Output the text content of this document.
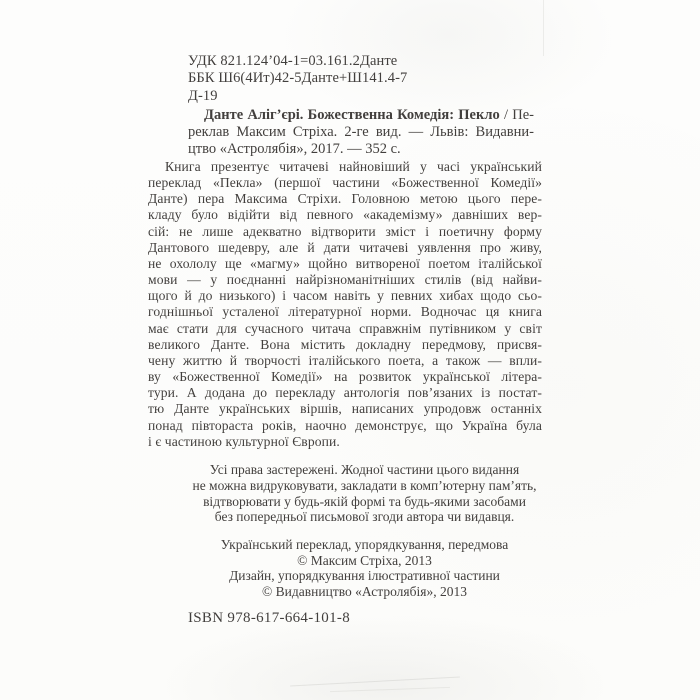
УДК 821.124’04-1=03.161.2Данте
ББК Ш6(4Ит)42-5Данте+Ш141.4-7
Д-19
Данте Аліг’єрі. Божественна Комедія: Пекло / Пе-
реклав Максим Стріха. 2-ге вид. — Львів: Видавни-
цтво «Астролябія», 2017. — 352 с.
Книга презентує читачеві найновіший у часі український
переклад «Пекла» (першої частини «Божественної Комедії»
Данте) пера Максима Стріхи. Головною метою цього пере-
кладу було відійти від певного «академізму» давніших вер-
сій: не лише адекватно відтворити зміст і поетичну форму
Дантового шедевру, але й дати читачеві уявлення про живу,
не охололу ще «магму» щойно витвореної поетом італійської
мови — у поєднанні найрізноманітніших стилів (від найви-
щого й до низького) і часом навіть у певних хибах щодо сьо-
годнішньої усталеної літературної норми. Водночас ця книга
має стати для сучасного читача справжнім путівником у світ
великого Данте. Вона містить докладну передмову, присвя-
чену життю й творчості італійського поета, а також — впли-
ву «Божественної Комедії» на розвиток української літера-
тури. А додана до перекладу антологія пов’язаних із постат-
тю Данте українських віршів, написаних упродовж останніх
понад півтораста років, наочно демонструє, що Україна була
і є частиною культурної Європи.
Усі права застережені. Жодної частини цього видання
не можна видруковувати, закладати в комп’ютерну пам’ять,
відтворювати у будь-якій формі та будь-якими засобами
без попередньої письмової згоди автора чи видавця.
Український переклад, упорядкування, передмова
© Максим Стріха, 2013
Дизайн, упорядкування ілюстративної частини
© Видавництво «Астролябія», 2013
ISBN 978-617-664-101-8
